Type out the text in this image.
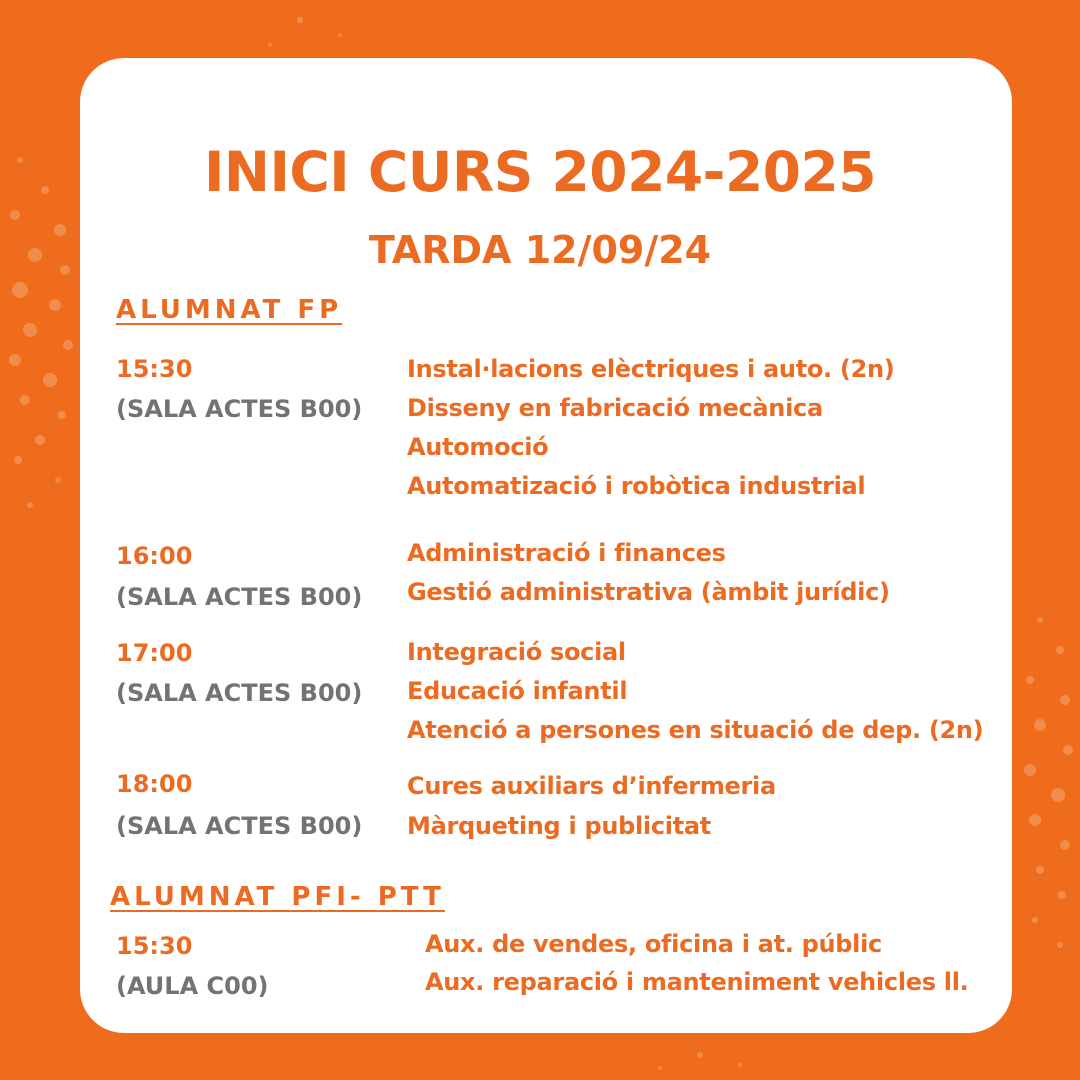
INICI CURS 2024-2025
TARDA 12/09/24
ALUMNAT FP
15:30
(SALA ACTES B00)
Instal·lacions elèctriques i auto. (2n)
Disseny en fabricació mecànica
Automoció
Automatizació i robòtica industrial
16:00
(SALA ACTES B00)
Administració i finances
Gestió administrativa (àmbit jurídic)
17:00
(SALA ACTES B00)
Integració social
Educació infantil
Atenció a persones en situació de dep. (2n)
18:00
(SALA ACTES B00)
Cures auxiliars d’infermeria
Màrqueting i publicitat
ALUMNAT PFI- PTT
15:30
(AULA C00)
Aux. de vendes, oficina i at. públic
Aux. reparació i manteniment vehicles ll.
